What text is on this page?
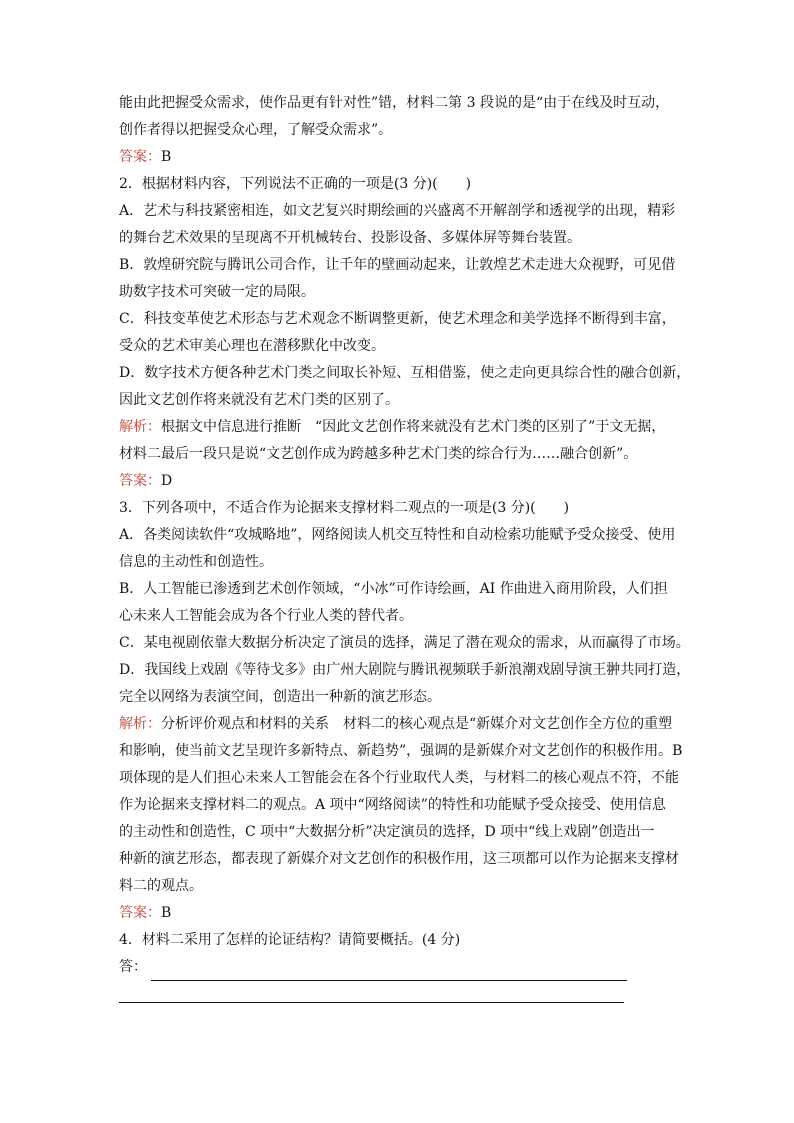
能由此把握受众需求，使作品更有针对性”错，材料二第 3 段说的是“由于在线及时互动，
创作者得以把握受众心理，了解受众需求”。
答案：B
2．根据材料内容，下列说法不正确的一项是(3 分)(　　)
A．艺术与科技紧密相连，如文艺复兴时期绘画的兴盛离不开解剖学和透视学的出现，精彩
的舞台艺术效果的呈现离不开机械转台、投影设备、多媒体屏等舞台装置。
B．敦煌研究院与腾讯公司合作，让千年的壁画动起来，让敦煌艺术走进大众视野，可见借
助数字技术可突破一定的局限。
C．科技变革使艺术形态与艺术观念不断调整更新，使艺术理念和美学选择不断得到丰富，
受众的艺术审美心理也在潜移默化中改变。
D．数字技术方便各种艺术门类之间取长补短、互相借鉴，使之走向更具综合性的融合创新，
因此文艺创作将来就没有艺术门类的区别了。
解析：根据文中信息进行推断　“因此文艺创作将来就没有艺术门类的区别了”于文无据，
材料二最后一段只是说“文艺创作成为跨越多种艺术门类的综合行为……融合创新”。
答案：D
3．下列各项中，不适合作为论据来支撑材料二观点的一项是(3 分)(　　)
A．各类阅读软件“攻城略地”，网络阅读人机交互特性和自动检索功能赋予受众接受、使用
信息的主动性和创造性。
B．人工智能已渗透到艺术创作领域，“小冰”可作诗绘画，AI 作曲进入商用阶段，人们担
心未来人工智能会成为各个行业人类的替代者。
C．某电视剧依靠大数据分析决定了演员的选择，满足了潜在观众的需求，从而赢得了市场。
D．我国线上戏剧《等待戈多》由广州大剧院与腾讯视频联手新浪潮戏剧导演王翀共同打造，
完全以网络为表演空间，创造出一种新的演艺形态。
解析：分析评价观点和材料的关系　材料二的核心观点是“新媒介对文艺创作全方位的重塑
和影响，使当前文艺呈现许多新特点、新趋势”，强调的是新媒介对文艺创作的积极作用。B
项体现的是人们担心未来人工智能会在各个行业取代人类，与材料二的核心观点不符，不能
作为论据来支撑材料二的观点。A 项中“网络阅读”的特性和功能赋予受众接受、使用信息
的主动性和创造性，C 项中“大数据分析”决定演员的选择，D 项中“线上戏剧”创造出一
种新的演艺形态，都表现了新媒介对文艺创作的积极作用，这三项都可以作为论据来支撑材
料二的观点。
答案：B
4．材料二采用了怎样的论证结构？请简要概括。(4 分)
答：
